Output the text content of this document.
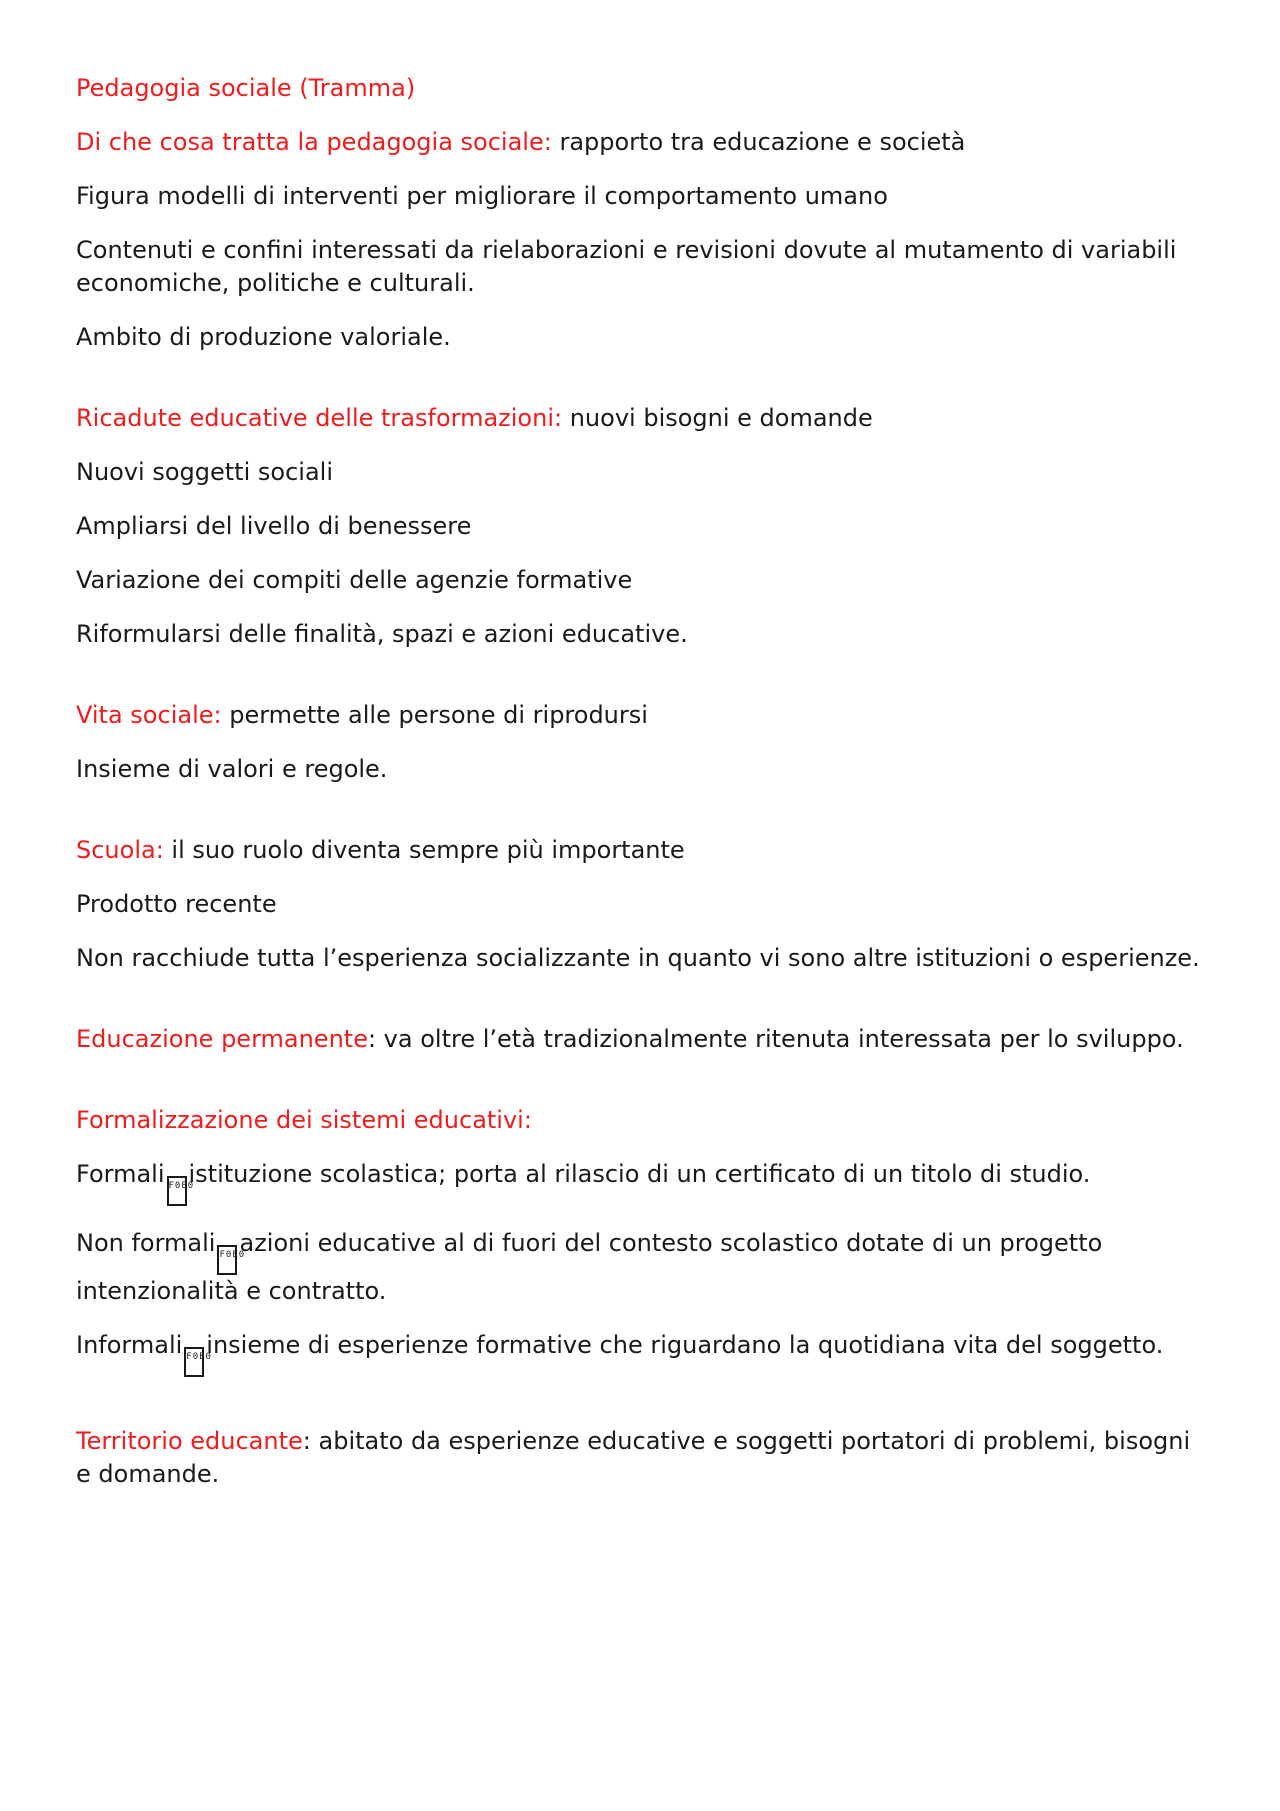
Pedagogia sociale (Tramma)

Di che cosa tratta la pedagogia sociale: rapporto tra educazione e società

Figura modelli di interventi per migliorare il comportamento umano

Contenuti e confini interessati da rielaborazioni e revisioni dovute al mutamento di variabili economiche, politiche e culturali.

Ambito di produzione valoriale.

Ricadute educative delle trasformazioni: nuovi bisogni e domande

Nuovi soggetti sociali

Ampliarsi del livello di benessere

Variazione dei compiti delle agenzie formative

Riformularsi delle finalità, spazi e azioni educative.

Vita sociale: permette alle persone di riprodursi

Insieme di valori e regole.

Scuola: il suo ruolo diventa sempre più importante

Prodotto recente

Non racchiude tutta l’esperienza socializzante in quanto vi sono altre istituzioni o esperienze.

Educazione permanente: va oltre l’età tradizionalmente ritenuta interessata per lo sviluppo.

Formalizzazione dei sistemi educativi:

Formali F0E0istituzione scolastica; porta al rilascio di un certificato di un titolo di studio.

Non formali F0E0azioni educative al di fuori del contesto scolastico dotate di un progetto intenzionalità e contratto.

Informali F0E0insieme di esperienze formative che riguardano la quotidiana vita del soggetto.

Territorio educante: abitato da esperienze educative e soggetti portatori di problemi, bisogni e domande.
